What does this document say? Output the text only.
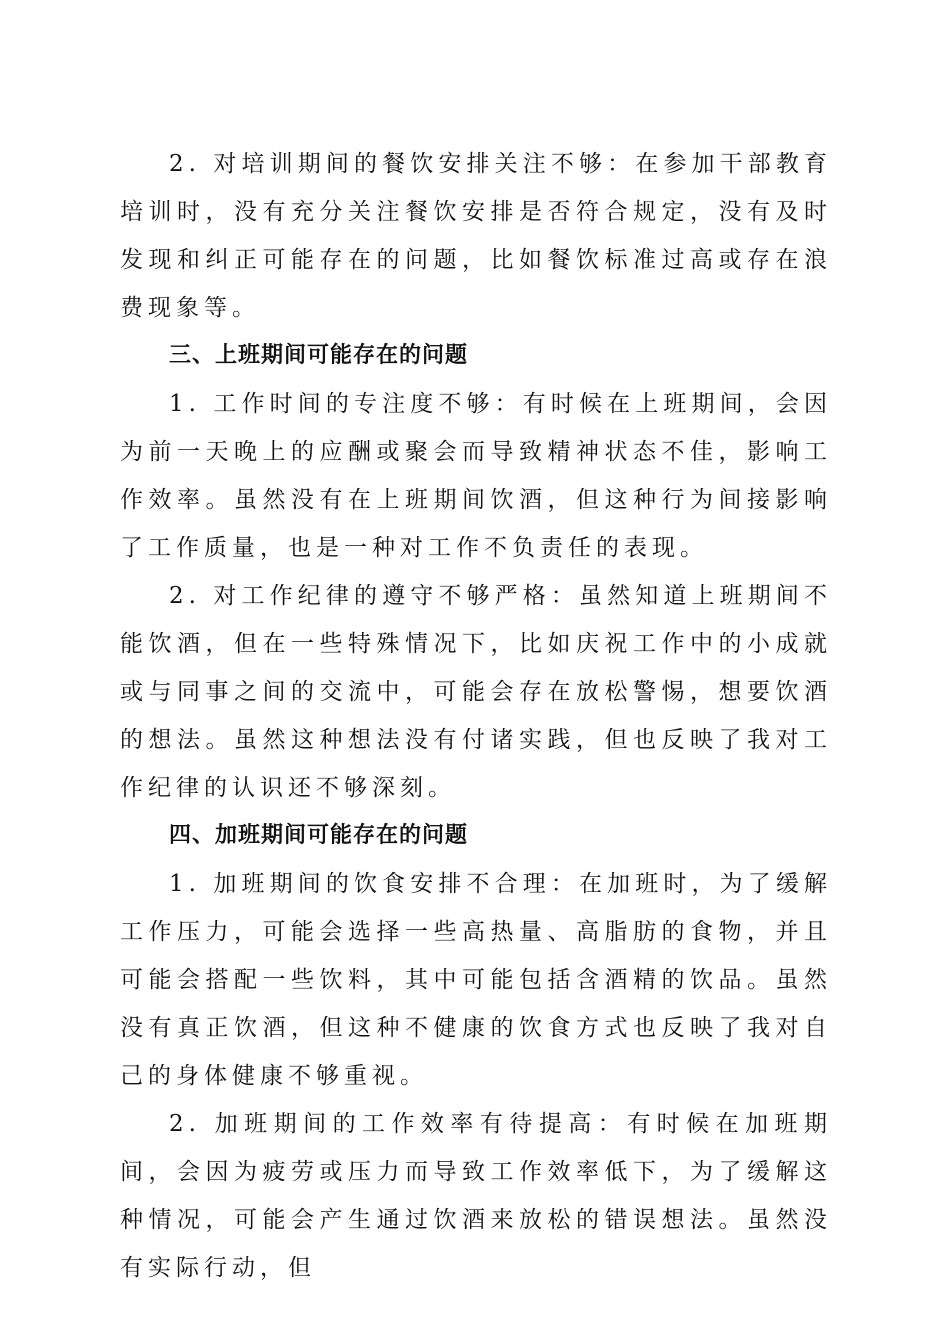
2. 对培训期间的餐饮安排关注不够：在参加干部教育培训时，没有充分关注餐饮安排是否符合规定，没有及时发现和纠正可能存在的问题，比如餐饮标准过高或存在浪费现象等。

三、上班期间可能存在的问题

1. 工作时间的专注度不够：有时候在上班期间，会因为前一天晚上的应酬或聚会而导致精神状态不佳，影响工作效率。虽然没有在上班期间饮酒，但这种行为间接影响了工作质量，也是一种对工作不负责任的表现。

2. 对工作纪律的遵守不够严格：虽然知道上班期间不能饮酒，但在一些特殊情况下，比如庆祝工作中的小成就或与同事之间的交流中，可能会存在放松警惕，想要饮酒的想法。虽然这种想法没有付诸实践，但也反映了我对工作纪律的认识还不够深刻。

四、加班期间可能存在的问题

1. 加班期间的饮食安排不合理：在加班时，为了缓解工作压力，可能会选择一些高热量、高脂肪的食物，并且可能会搭配一些饮料，其中可能包括含酒精的饮品。虽然没有真正饮酒，但这种不健康的饮食方式也反映了我对自己的身体健康不够重视。

2. 加班期间的工作效率有待提高：有时候在加班期间，会因为疲劳或压力而导致工作效率低下，为了缓解这种情况，可能会产生通过饮酒来放松的错误想法。虽然没有实际行动，但
